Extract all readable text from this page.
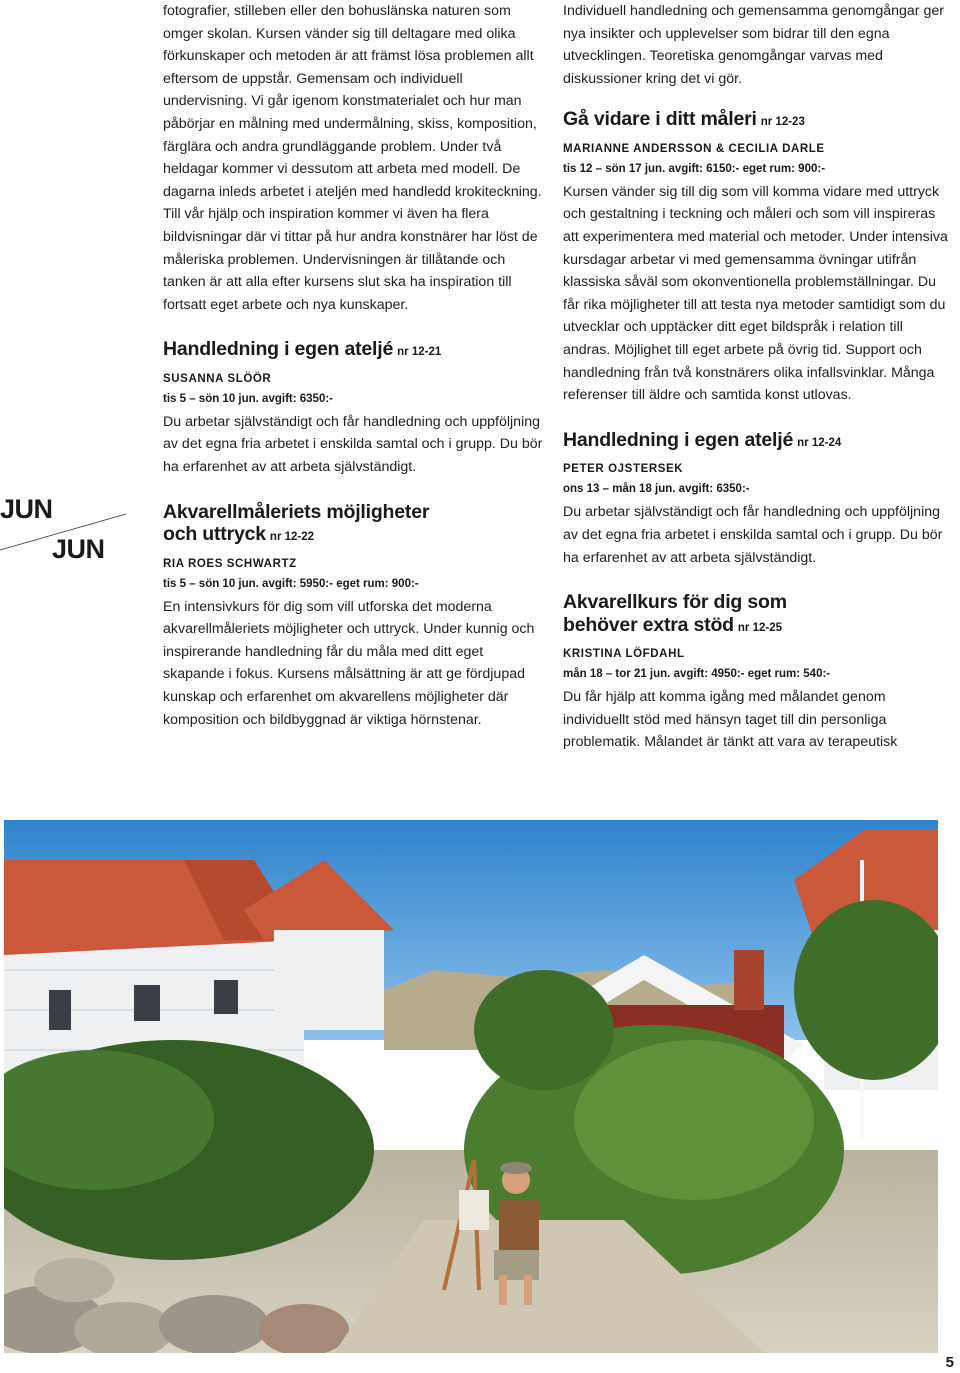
JUN
JUN

fotografier, stilleben eller den bohuslänska naturen som omger skolan. Kursen vänder sig till deltagare med olika förkunskaper och metoden är att främst lösa problemen allt eftersom de uppstår. Gemensam och individuell undervisning. Vi går igenom konstmaterialet och hur man påbörjar en målning med undermålning, skiss, komposition, färglära och andra grundläggande problem. Under två heldagar kommer vi dessutom att arbeta med modell. De dagarna inleds arbetet i ateljén med handledd krokiteckning. Till vår hjälp och inspiration kommer vi även ha flera bildvisningar där vi tittar på hur andra konstnärer har löst de måleriska problemen. Undervisningen är tillåtande och tanken är att alla efter kursens slut ska ha inspiration till fortsatt eget arbete och nya kunskaper.

Handledning i egen ateljé nr 12-21
SUSANNA SLÖÖR
tis 5 – sön 10 jun. avgift: 6350:-

Du arbetar självständigt och får handledning och uppföljning av det egna fria arbetet i enskilda samtal och i grupp. Du bör ha erfarenhet av att arbeta självständigt.

Akvarellmåleriets möjligheter
och uttryck nr 12-22
RIA ROES SCHWARTZ
tis 5 – sön 10 jun. avgift: 5950:- eget rum: 900:-

En intensivkurs för dig som vill utforska det moderna akvarellmåleriets möjligheter och uttryck. Under kunnig och inspirerande handledning får du måla med ditt eget skapande i fokus. Kursens målsättning är att ge fördjupad kunskap och erfarenhet om akvarellens möjligheter där komposition och bildbyggnad är viktiga hörnstenar.

Individuell handledning och gemensamma genomgångar ger nya insikter och upplevelser som bidrar till den egna utvecklingen. Teoretiska genomgångar varvas med diskussioner kring det vi gör.

Gå vidare i ditt måleri nr 12-23
MARIANNE ANDERSSON & CECILIA DARLE
tis 12 – sön 17 jun. avgift: 6150:- eget rum: 900:-

Kursen vänder sig till dig som vill komma vidare med uttryck och gestaltning i teckning och måleri och som vill inspireras att experimentera med material och metoder. Under intensiva kursdagar arbetar vi med gemensamma övningar utifrån klassiska såväl som okonventionella problemställningar. Du får rika möjligheter till att testa nya metoder samtidigt som du utvecklar och upptäcker ditt eget bildspråk i relation till andras. Möjlighet till eget arbete på övrig tid. Support och handledning från två konstnärers olika infallsvinklar. Många referenser till äldre och samtida konst utlovas.

Handledning i egen ateljé nr 12-24
PETER OJSTERSEK
ons 13 – mån 18 jun. avgift: 6350:-

Du arbetar självständigt och får handledning och uppföljning av det egna fria arbetet i enskilda samtal och i grupp. Du bör ha erfarenhet av att arbeta självständigt.

Akvarellkurs för dig som
behöver extra stöd nr 12-25
KRISTINA LÖFDAHL
mån 18 – tor 21 jun. avgift: 4950:- eget rum: 540:-

Du får hjälp att komma igång med målandet genom individuellt stöd med hänsyn taget till din personliga problematik. Målandet är tänkt att vara av terapeutisk

5
